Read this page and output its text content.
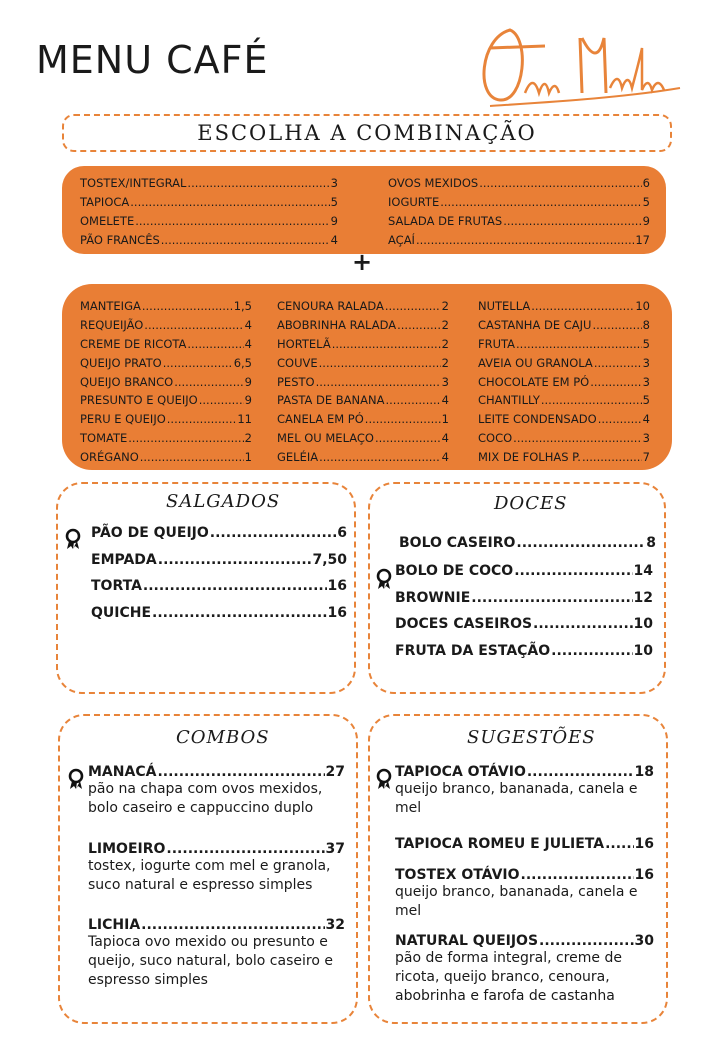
MENU CAFÉ
ESCOLHA A COMBINAÇÃO
TOSTEX/INTEGRAL .....	3
TAPIOCA .....	5
OMELETE .....	9
PÃO FRANCÊS .....	4
OVOS MEXIDOS .....	6
IOGURTE .....	5
SALADA DE FRUTAS .....	9
AÇAÍ .....	17
+
MANTEIGA .....	1,5
REQUEIJÃO .....	4
CREME DE RICOTA .....	4
QUEIJO PRATO .....	6,5
QUEIJO BRANCO .....	9
PRESUNTO E QUEIJO .....	9
PERU E QUEIJO .....	11
TOMATE .....	2
ORÉGANO .....	1
CENOURA RALADA .....	2
ABOBRINHA RALADA .....	2
HORTELÃ .....	2
COUVE .....	2
PESTO .....	3
PASTA DE BANANA .....	4
CANELA EM PÓ .....	1
MEL OU MELAÇO .....	4
GELÉIA .....	4
NUTELLA .....	10
CASTANHA DE CAJU .....	8
FRUTA .....	5
AVEIA OU GRANOLA .....	3
CHOCOLATE EM PÓ .....	3
CHANTILLY .....	5
LEITE CONDENSADO .....	4
COCO .....	3
MIX DE FOLHAS P. .....	7
SALGADOS
PÃO DE QUEIJO .....	6
EMPADA .....	7,50
TORTA .....	16
QUICHE .....	16
DOCES
BOLO CASEIRO .....	8
BOLO DE COCO .....	14
BROWNIE .....	12
DOCES CASEIROS .....	10
FRUTA DA ESTAÇÃO .....	10
COMBOS
MANACÁ .....	27
pão na chapa com ovos mexidos, bolo caseiro e cappuccino duplo
LIMOEIRO .....	37
tostex, iogurte com mel e granola, suco natural e espresso simples
LICHIA .....	32
Tapioca ovo mexido ou presunto e queijo, suco natural, bolo caseiro e espresso simples
SUGESTÕES
TAPIOCA OTÁVIO .....	18
queijo branco, bananada, canela e mel
TAPIOCA ROMEU E JULIETA ..... 16
TOSTEX OTÁVIO .....	16
queijo branco, bananada, canela e mel
NATURAL QUEIJOS .....	30
pão de forma integral, creme de ricota, queijo branco, cenoura, abobrinha e farofa de castanha
